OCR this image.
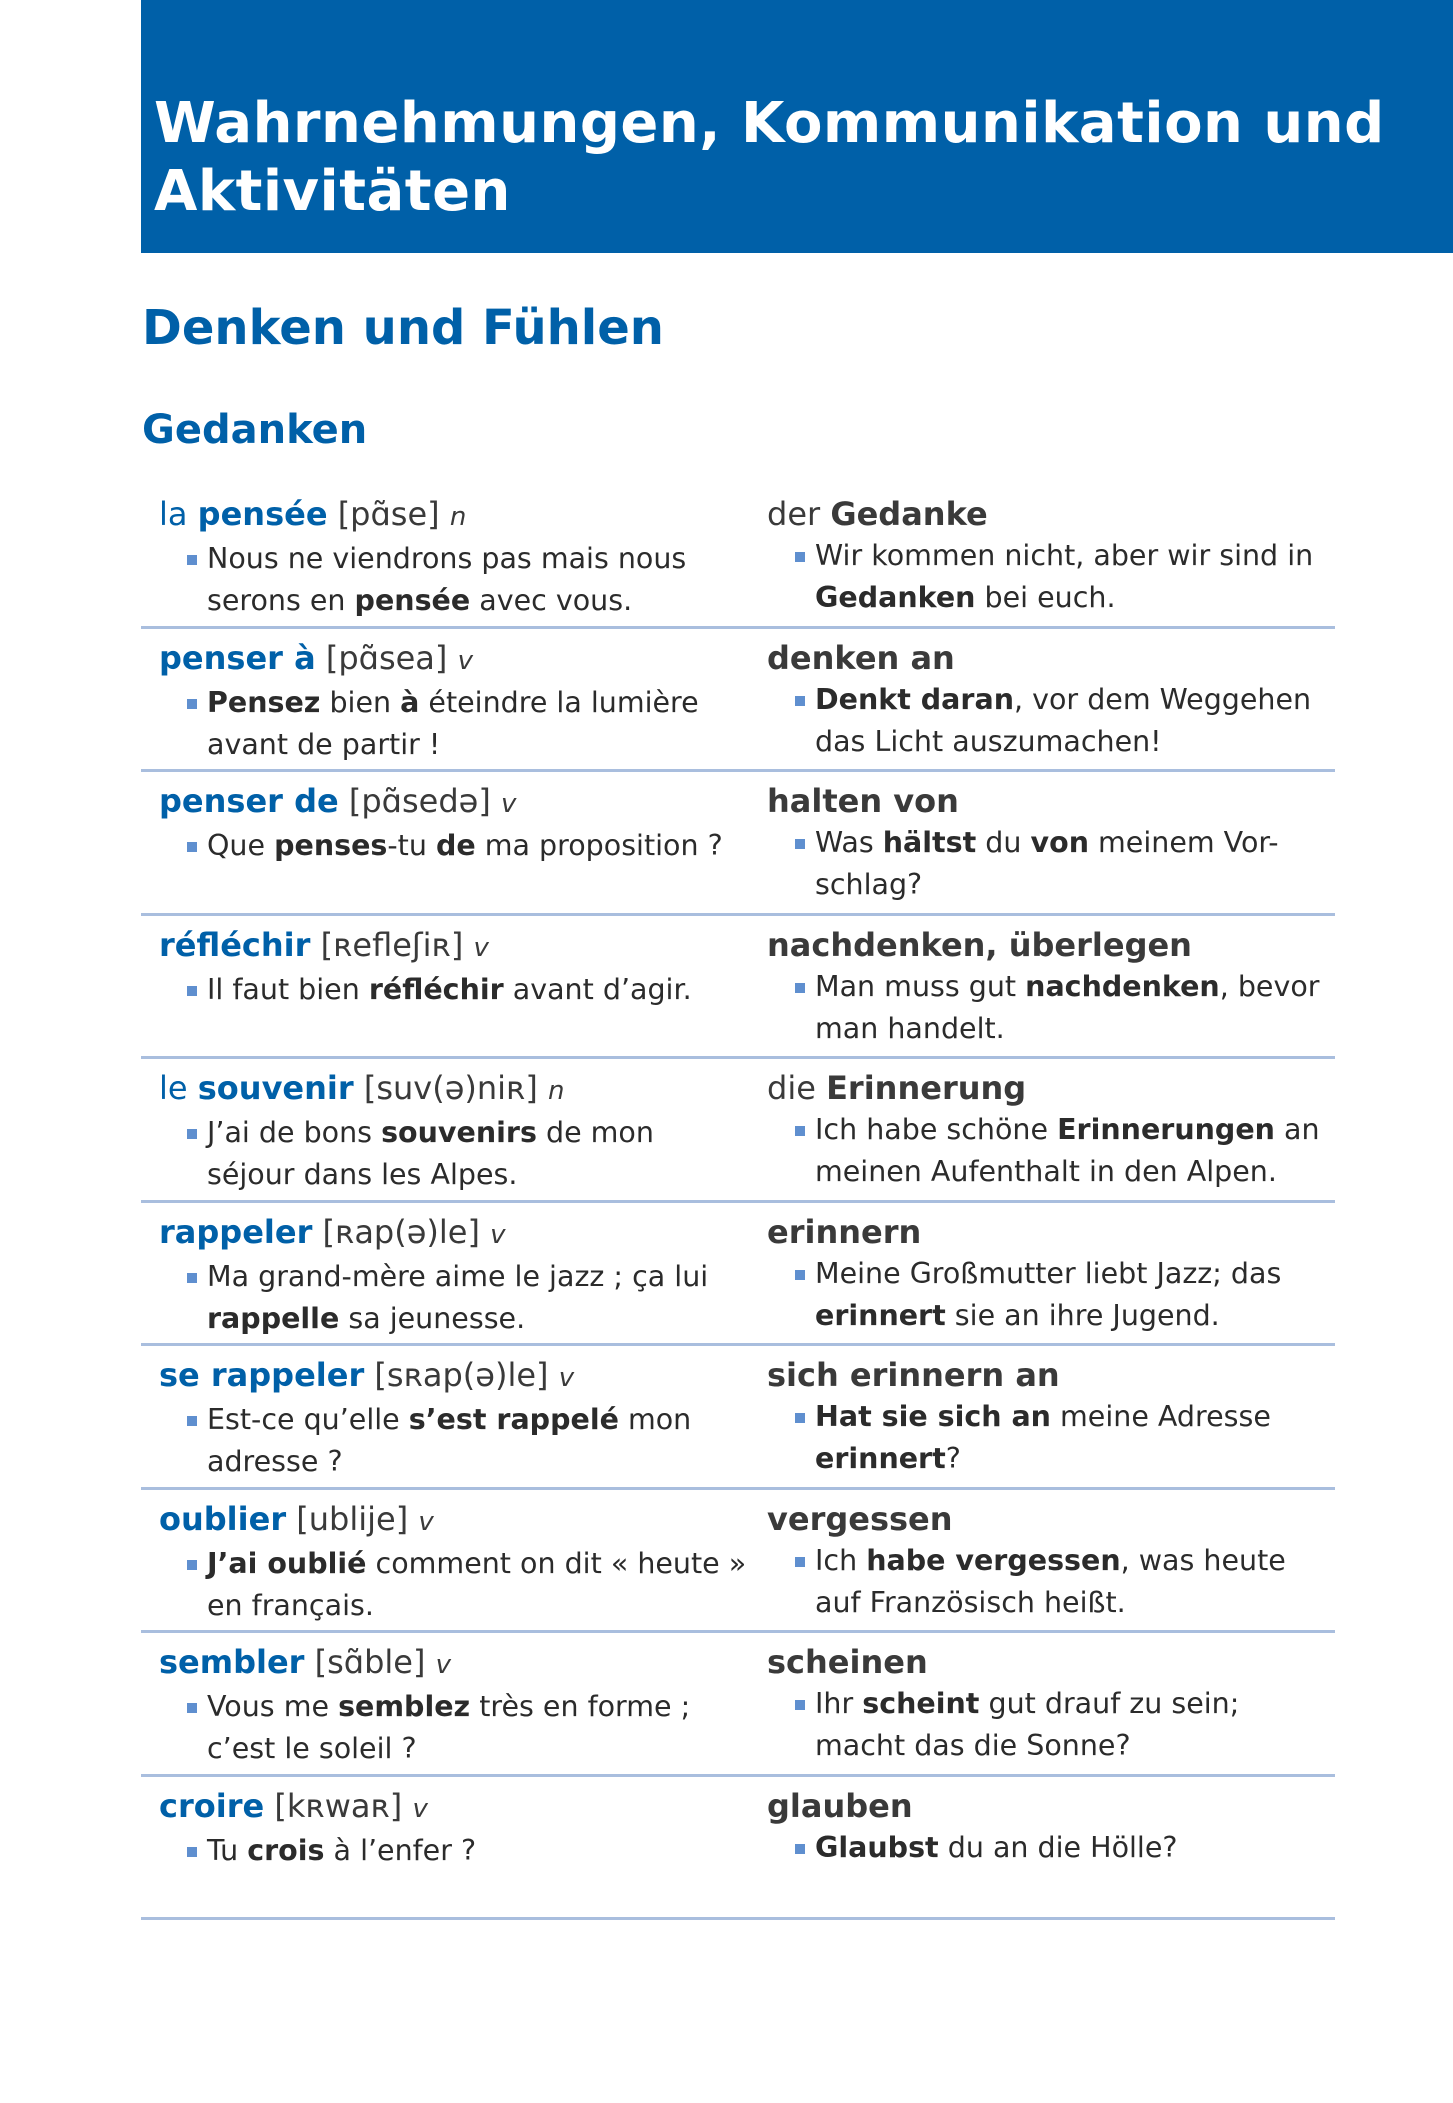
Wahrnehmungen, Kommunikation und Aktivitäten
Denken und Fühlen
Gedanken
la pensée [pɑ̃se] n
Nous ne viendrons pas mais nous serons en pensée avec vous.
der Gedanke
Wir kommen nicht, aber wir sind in Gedanken bei euch.
penser à [pɑ̃sea] v
Pensez bien à éteindre la lumière avant de partir !
denken an
Denkt daran, vor dem Weggehen das Licht auszumachen!
penser de [pɑ̃sedə] v
Que penses-tu de ma proposition ?
halten von
Was hältst du von meinem Vor-schlag?
réfléchir [ʀefleʃiʀ] v
Il faut bien réfléchir avant d’agir.
nachdenken, überlegen
Man muss gut nachdenken, bevor man handelt.
le souvenir [suv(ə)niʀ] n
J’ai de bons souvenirs de mon séjour dans les Alpes.
die Erinnerung
Ich habe schöne Erinnerungen an meinen Aufenthalt in den Alpen.
rappeler [ʀap(ə)le] v
Ma grand-mère aime le jazz ; ça lui rappelle sa jeunesse.
erinnern
Meine Großmutter liebt Jazz; das erinnert sie an ihre Jugend.
se rappeler [sʀap(ə)le] v
Est-ce qu’elle s’est rappelé mon adresse ?
sich erinnern an
Hat sie sich an meine Adresse erinnert?
oublier [ublije] v
J’ai oublié comment on dit « heute » en français.
vergessen
Ich habe vergessen, was heute auf Französisch heißt.
sembler [sɑ̃ble] v
Vous me semblez très en forme ; c’est le soleil ?
scheinen
Ihr scheint gut drauf zu sein; macht das die Sonne?
croire [kʀwaʀ] v
Tu crois à l’enfer ?
glauben
Glaubst du an die Hölle?
